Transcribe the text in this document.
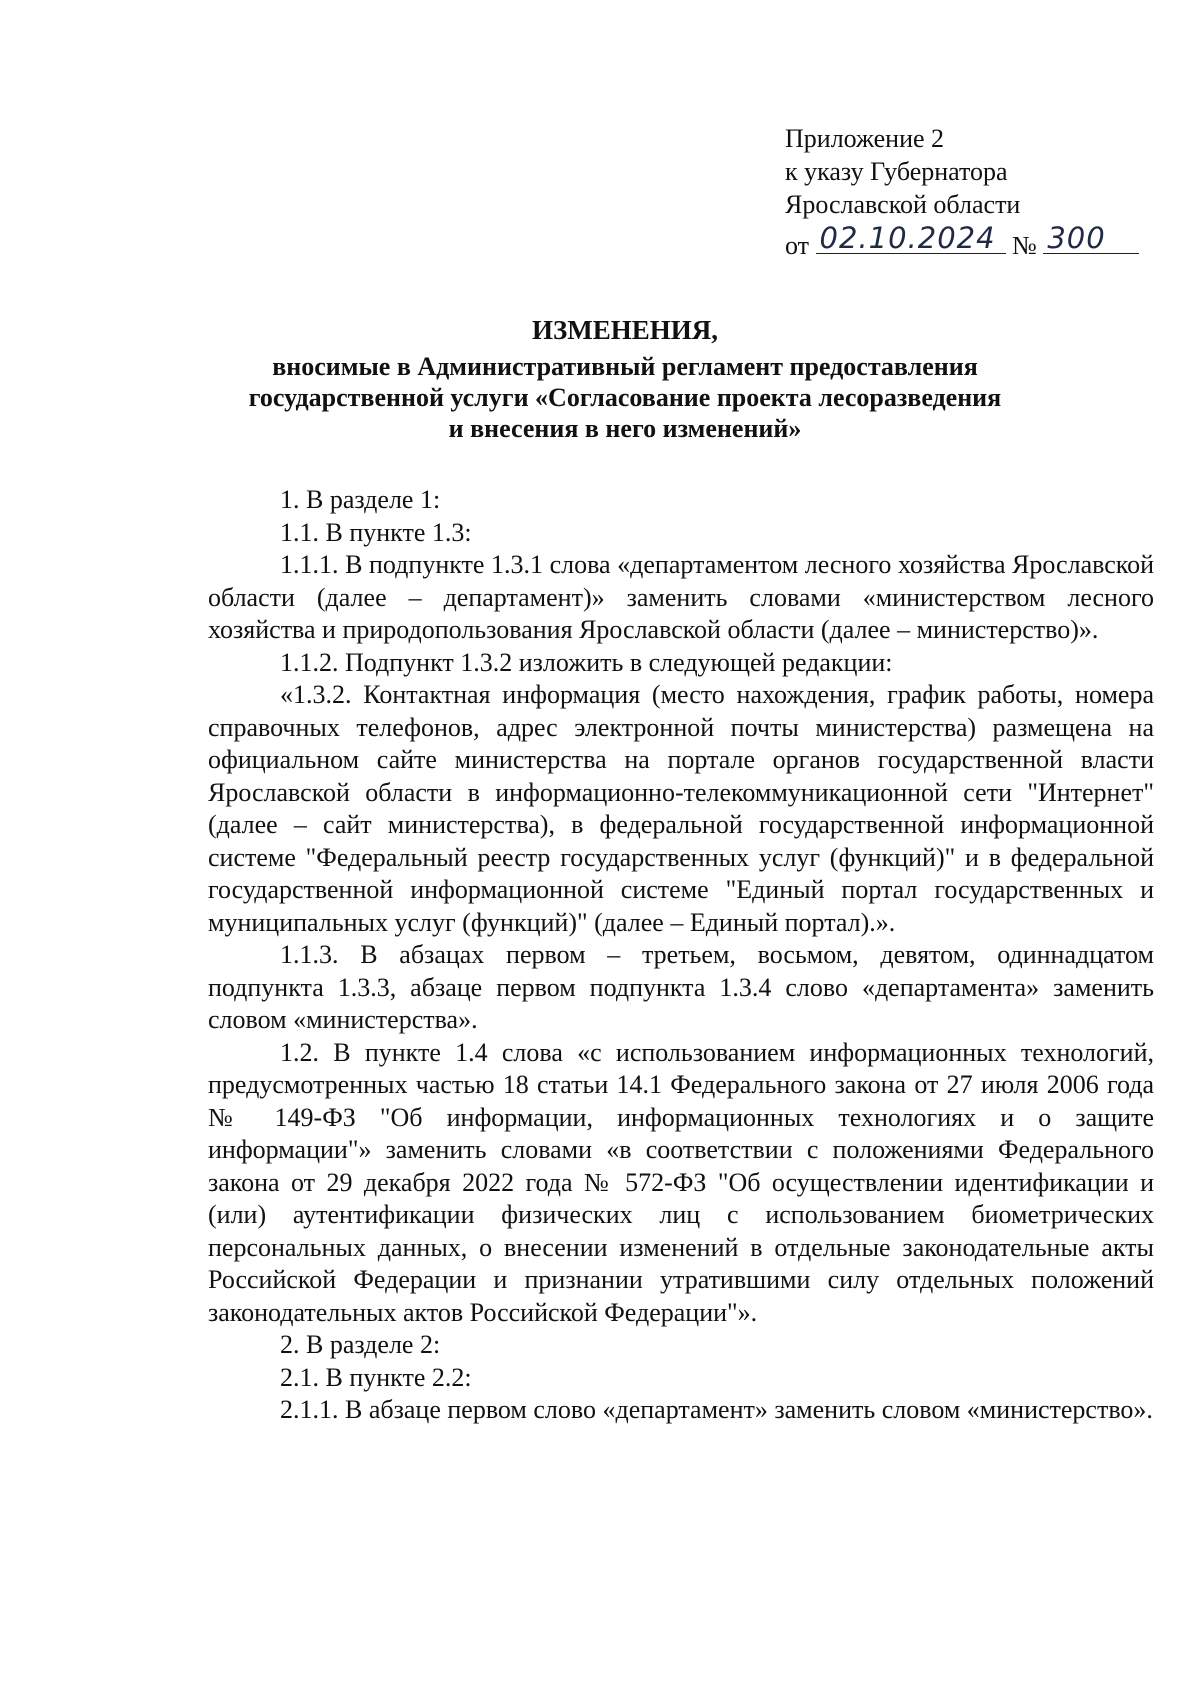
Приложение 2
к указу Губернатора
Ярославской области
от 02.10.2024 № 300
ИЗМЕНЕНИЯ,
вносимые в Административный регламент предоставления
государственной услуги «Согласование проекта лесоразведения
и внесения в него изменений»

1. В разделе 1:

1.1. В пункте 1.3:

1.1.1. В подпункте 1.3.1 слова «департаментом лесного хозяйства Ярославской области (далее – департамент)» заменить словами «министерством лесного хозяйства и природопользования Ярославской области (далее – министерство)».

1.1.2. Подпункт 1.3.2 изложить в следующей редакции:

«1.3.2. Контактная информация (место нахождения, график работы, номера справочных телефонов, адрес электронной почты министерства) размещена на официальном сайте министерства на портале органов государственной власти Ярославской области в информационно-телекоммуникационной сети "Интернет" (далее – сайт министерства), в федеральной государственной информационной системе "Федеральный реестр государственных услуг (функций)" и в федеральной государственной информационной системе "Единый портал государственных и муниципальных услуг (функций)" (далее – Единый портал).».

1.1.3. В абзацах первом – третьем, восьмом, девятом, одиннадцатом подпункта 1.3.3, абзаце первом подпункта 1.3.4 слово «департамента» заменить словом «министерства».

1.2. В пункте 1.4 слова «с использованием информационных технологий, предусмотренных частью 18 статьи 14.1 Федерального закона от 27 июля 2006 года № 149-ФЗ "Об информации, информационных технологиях и о защите информации"» заменить словами «в соответствии с положениями Федерального закона от 29 декабря 2022 года № 572-ФЗ "Об осуществлении идентификации и (или) аутентификации физических лиц с использованием биометрических персональных данных, о внесении изменений в отдельные законодательные акты Российской Федерации и признании утратившими силу отдельных положений законодательных актов Российской Федерации"».

2. В разделе 2:

2.1. В пункте 2.2:

2.1.1. В абзаце первом слово «департамент» заменить словом «министерство».
